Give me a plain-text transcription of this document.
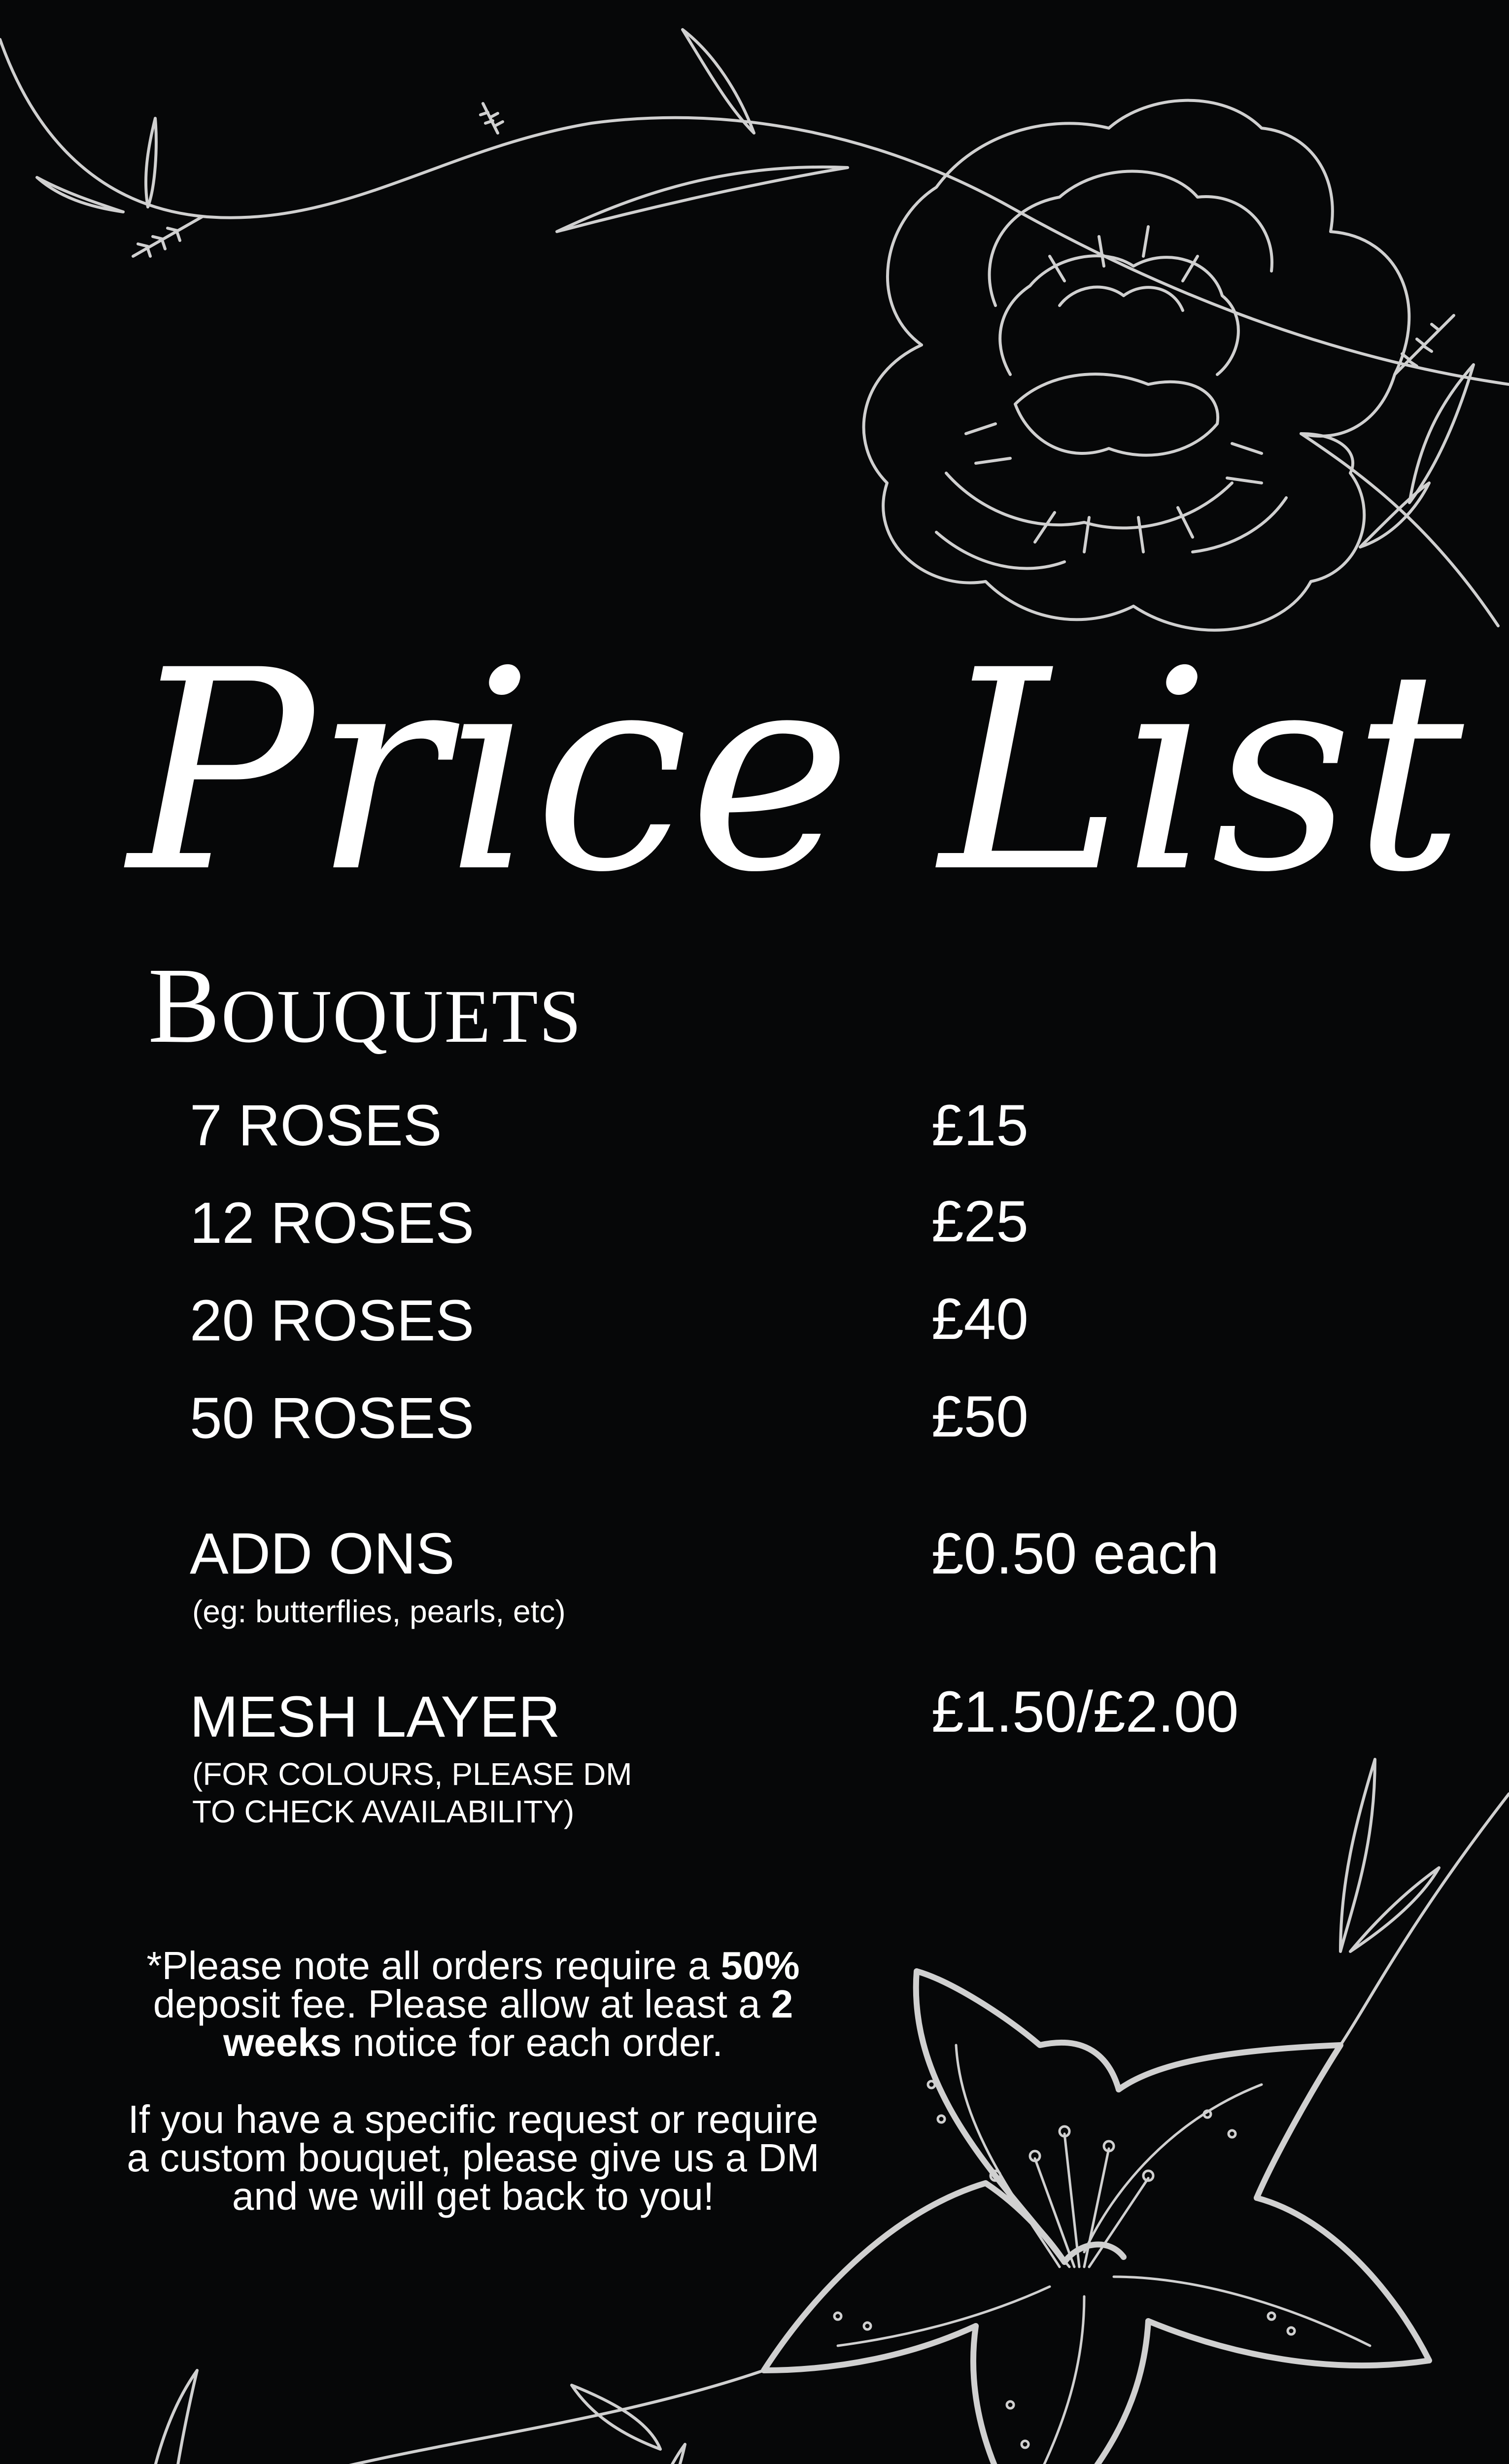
Price List
Bouquets
7 ROSES	£15
12 ROSES	£25
20 ROSES	£40
50 ROSES	£50
ADD ONS	£0.50 each
(eg: butterflies, pearls, etc)
MESH LAYER	£1.50/£2.00
(FOR COLOURS, PLEASE DM
TO CHECK AVAILABILITY)

*Please note all orders require a 50% deposit fee. Please allow at least a 2 weeks notice for each order.

If you have a specific request or require a custom bouquet, please give us a DM and we will get back to you!
